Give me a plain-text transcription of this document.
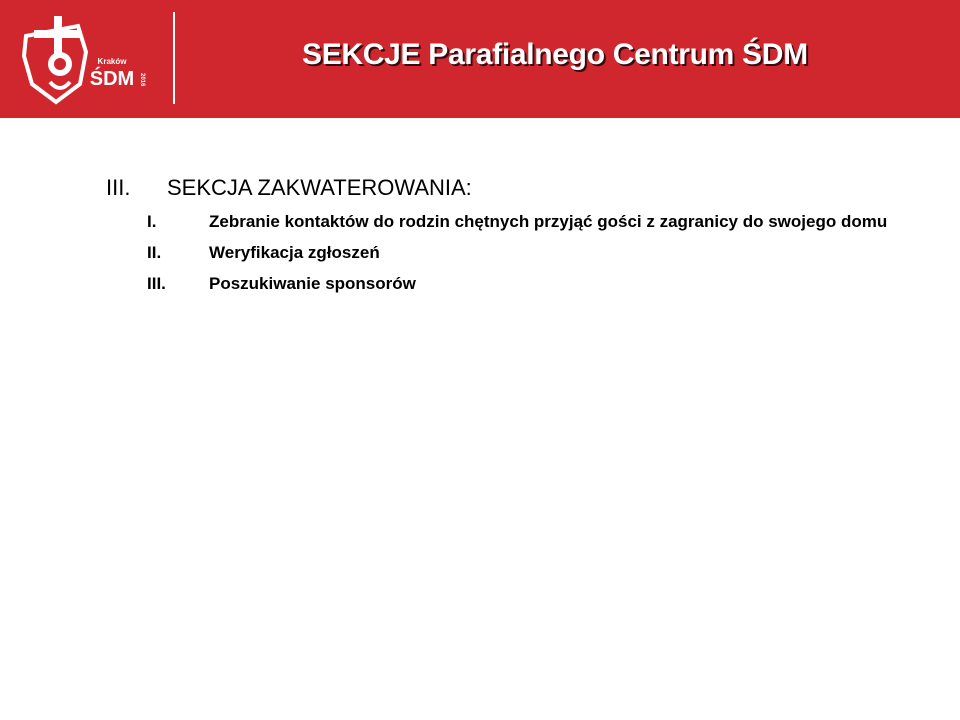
Kraków
ŚDM 2016
SEKCJE Parafialnego Centrum ŚDM
III. SEKCJA ZAKWATEROWANIA:
I.	Zebranie kontaktów do rodzin chętnych przyjąć gości z zagranicy do swojego domu
II.	Weryfikacja zgłoszeń
III.	Poszukiwanie sponsorów
